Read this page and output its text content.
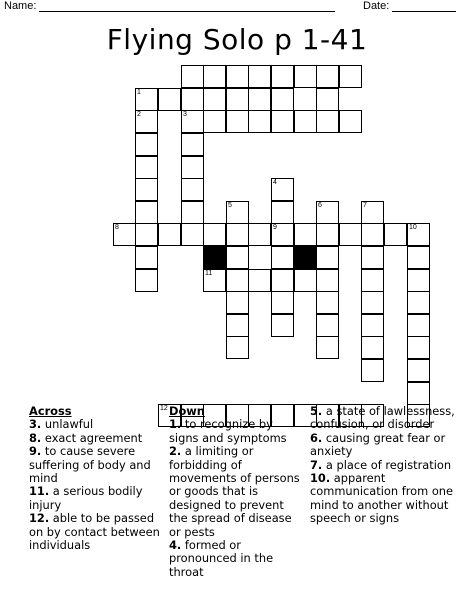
Name:	Date:
Flying Solo p 1-41
1
2	3
4
9
5	6	7
8	10
11
12
Across
3. unlawful
8. exact agreement
9. to cause severe suffering of body and mind
11. a serious bodily injury
12. able to be passed on by contact between individuals
Down
1. to recognize by signs and symptoms
2. a limiting or forbidding of movements of persons or goods that is designed to prevent the spread of disease or pests
4. formed or pronounced in the throat
5. a state of lawlessness, confusion, or disorder
6. causing great fear or anxiety
7. a place of registration
10. apparent communication from one mind to another without speech or signs
